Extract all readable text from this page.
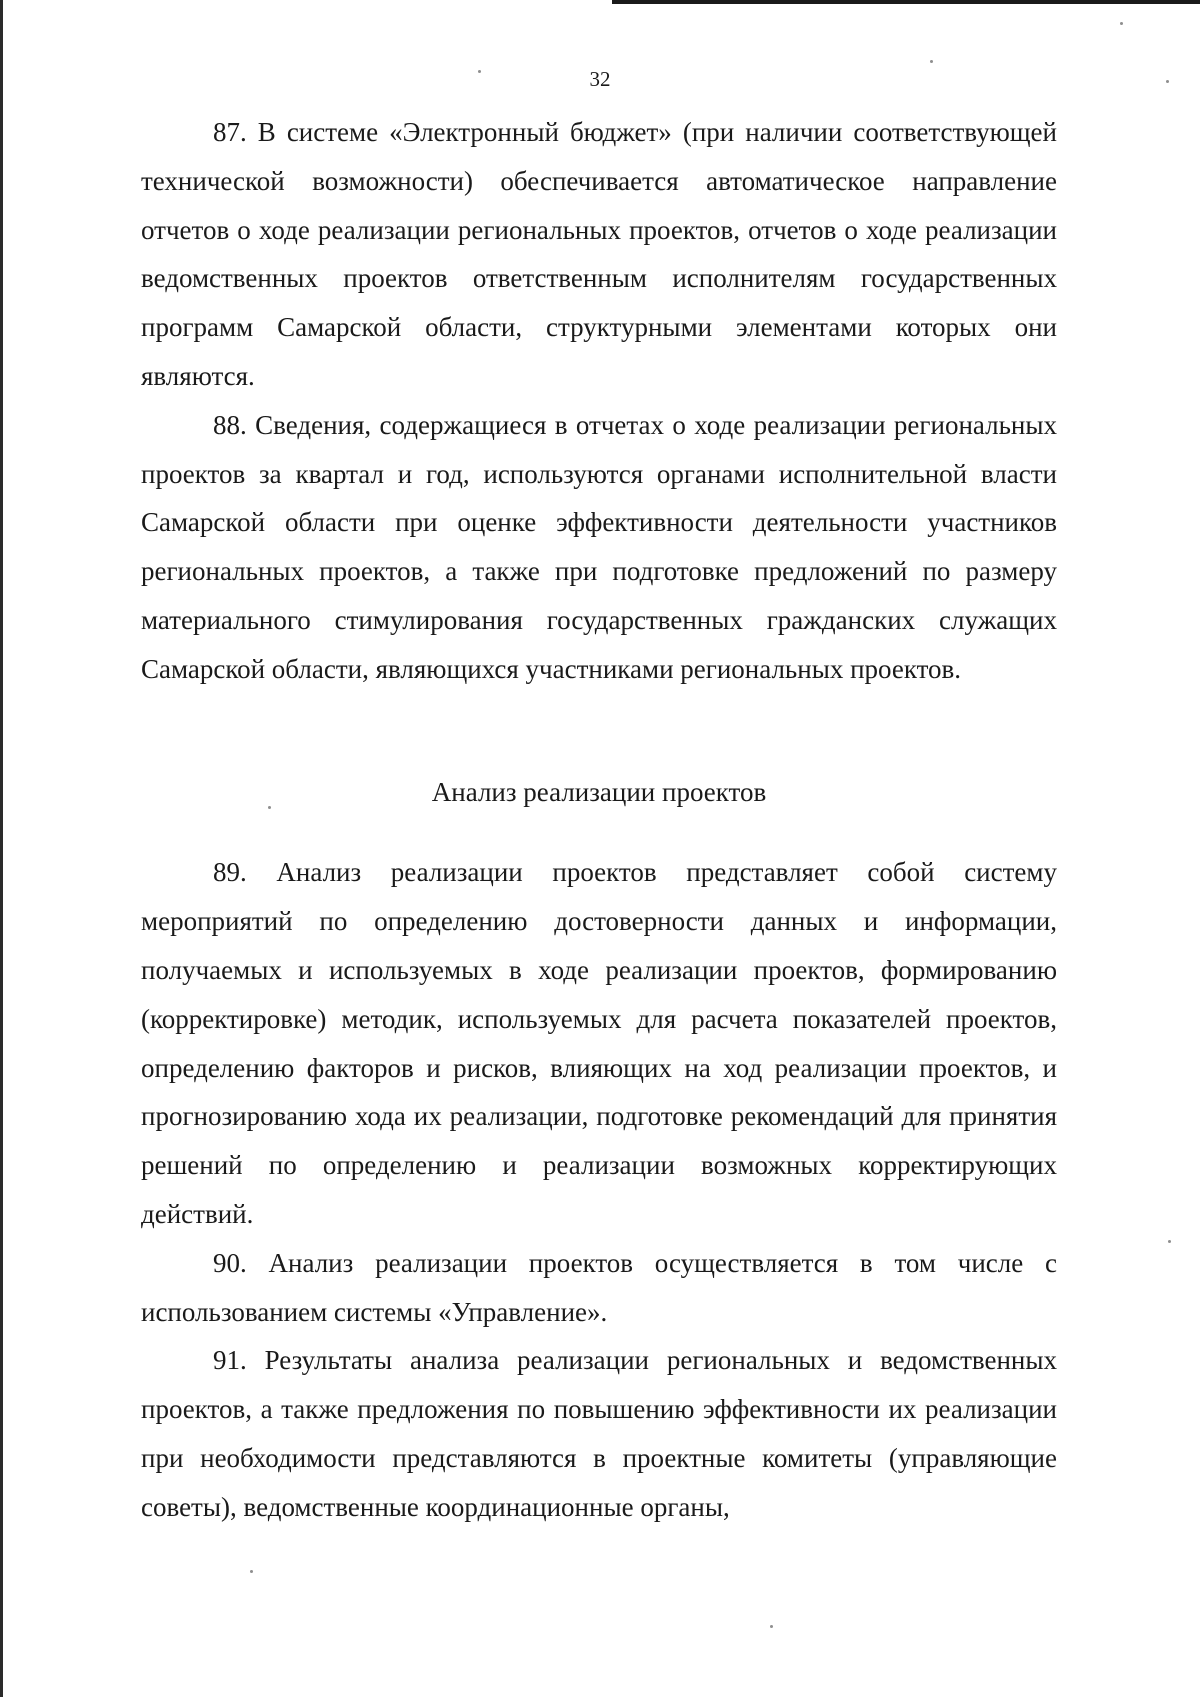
32

87. В системе «Электронный бюджет» (при наличии соответствующей технической возможности) обеспечивается автоматическое направление отчетов о ходе реализации региональных проектов, отчетов о ходе реализации ведомственных проектов ответственным исполнителям государственных программ Самарской области, структурными элементами которых они являются.

88. Сведения, содержащиеся в отчетах о ходе реализации региональных проектов за квартал и год, используются органами исполнительной власти Самарской области при оценке эффективности деятельности участников региональных проектов, а также при подготовке предложений по размеру материального стимулирования государственных гражданских служащих Самарской области, являющихся участниками региональных проектов.

Анализ реализации проектов

89. Анализ реализации проектов представляет собой систему мероприятий по определению достоверности данных и информации, получаемых и используемых в ходе реализации проектов, формированию (корректировке) методик, используемых для расчета показателей проектов, определению факторов и рисков, влияющих на ход реализации проектов, и прогнозированию хода их реализации, подготовке рекомендаций для принятия решений по определению и реализации возможных корректирующих действий.

90. Анализ реализации проектов осуществляется в том числе с использованием системы «Управление».

91. Результаты анализа реализации региональных и ведомственных проектов, а также предложения по повышению эффективности их реализации при необходимости представляются в проектные комитеты (управляющие советы), ведомственные координационные органы,
